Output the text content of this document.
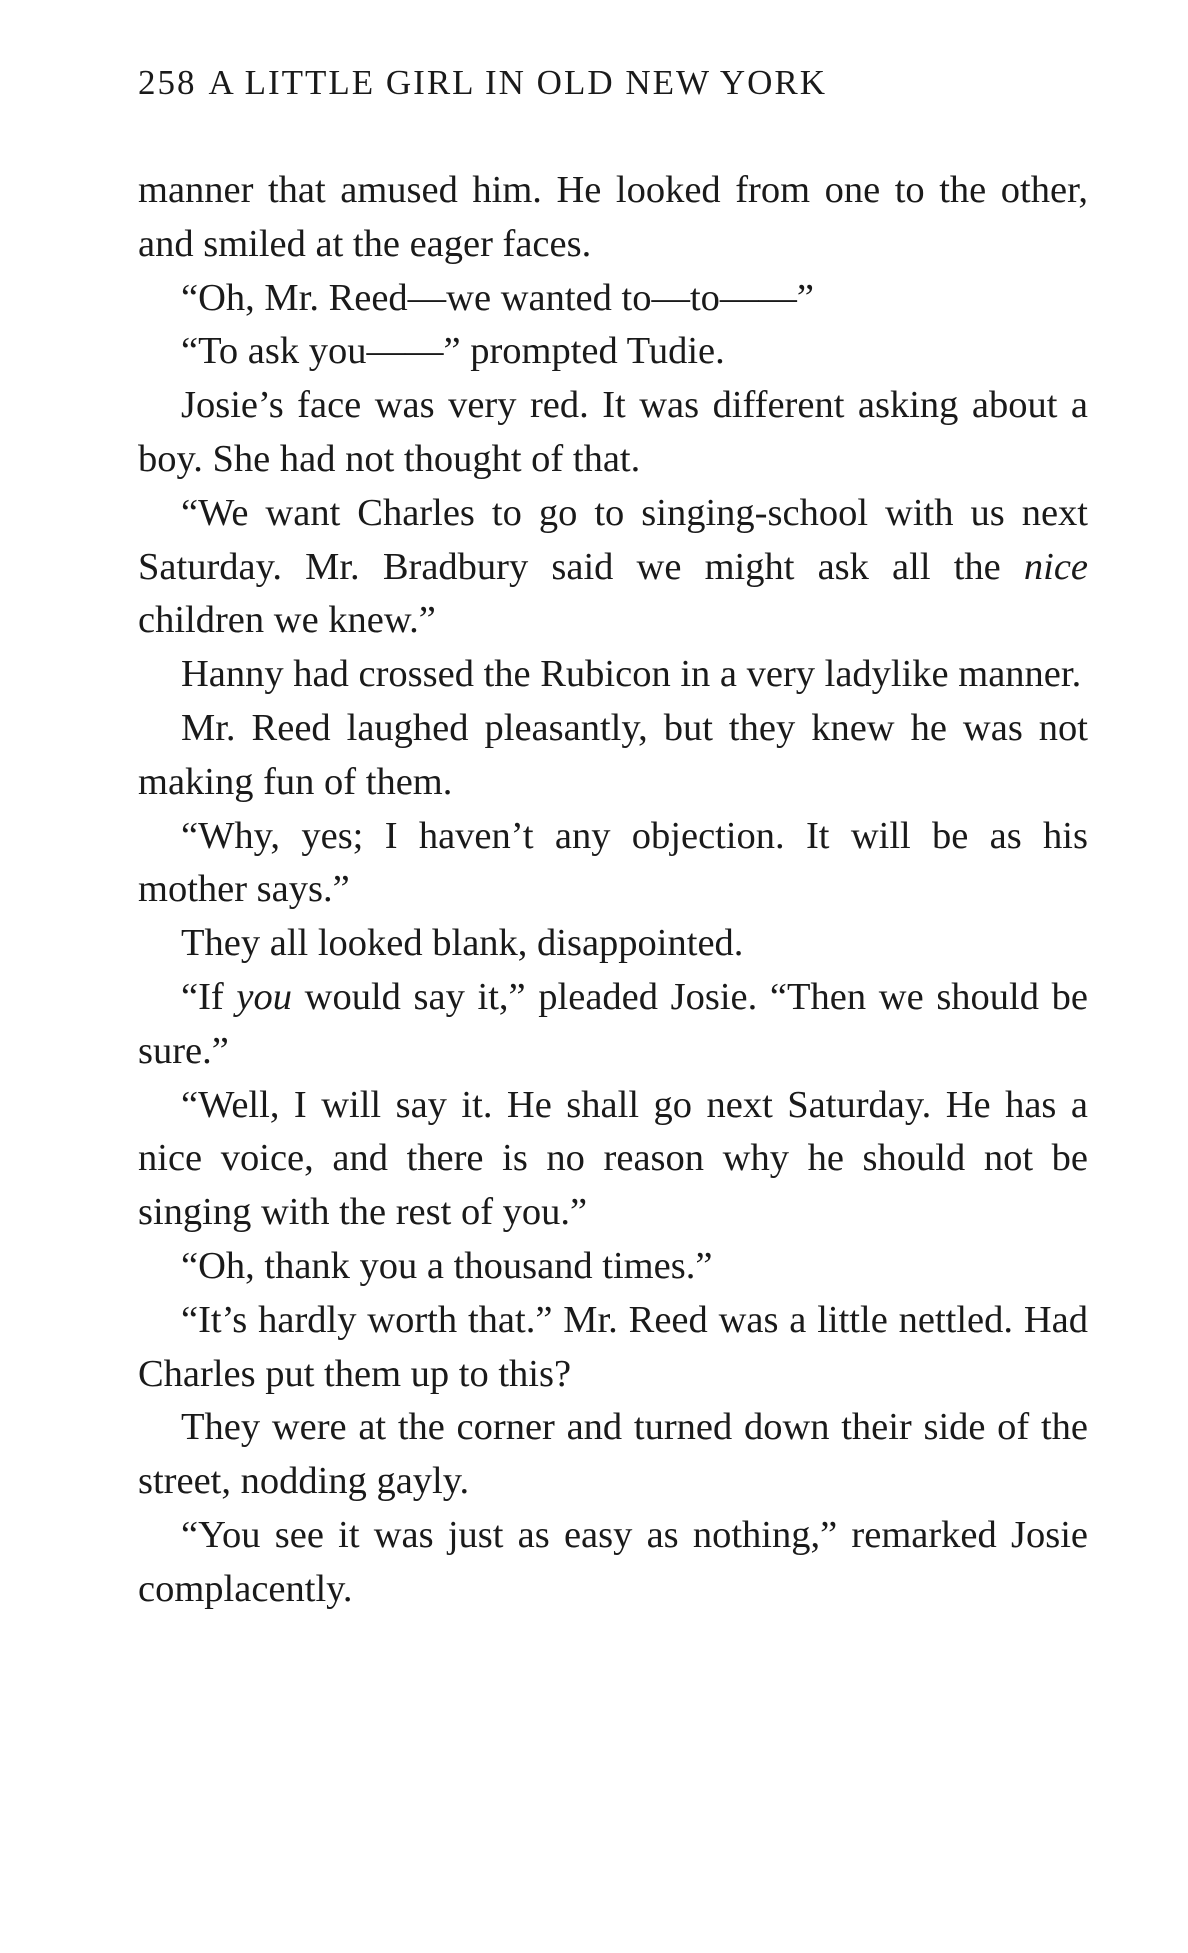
258 A LITTLE GIRL IN OLD NEW YORK

manner that amused him. He looked from one to the other, and smiled at the eager faces.

“Oh, Mr. Reed—we wanted to—to——”

“To ask you——” prompted Tudie.

Josie’s face was very red. It was different asking about a boy. She had not thought of that.

“We want Charles to go to singing-school with us next Saturday. Mr. Bradbury said we might ask all the nice children we knew.”

Hanny had crossed the Rubicon in a very ladylike manner.

Mr. Reed laughed pleasantly, but they knew he was not making fun of them.

“Why, yes; I haven’t any objection. It will be as his mother says.”

They all looked blank, disappointed.

“If you would say it,” pleaded Josie. “Then we should be sure.”

“Well, I will say it. He shall go next Saturday. He has a nice voice, and there is no reason why he should not be singing with the rest of you.”

“Oh, thank you a thousand times.”

“It’s hardly worth that.” Mr. Reed was a little nettled. Had Charles put them up to this?

They were at the corner and turned down their side of the street, nodding gayly.

“You see it was just as easy as nothing,” remarked Josie complacently.
